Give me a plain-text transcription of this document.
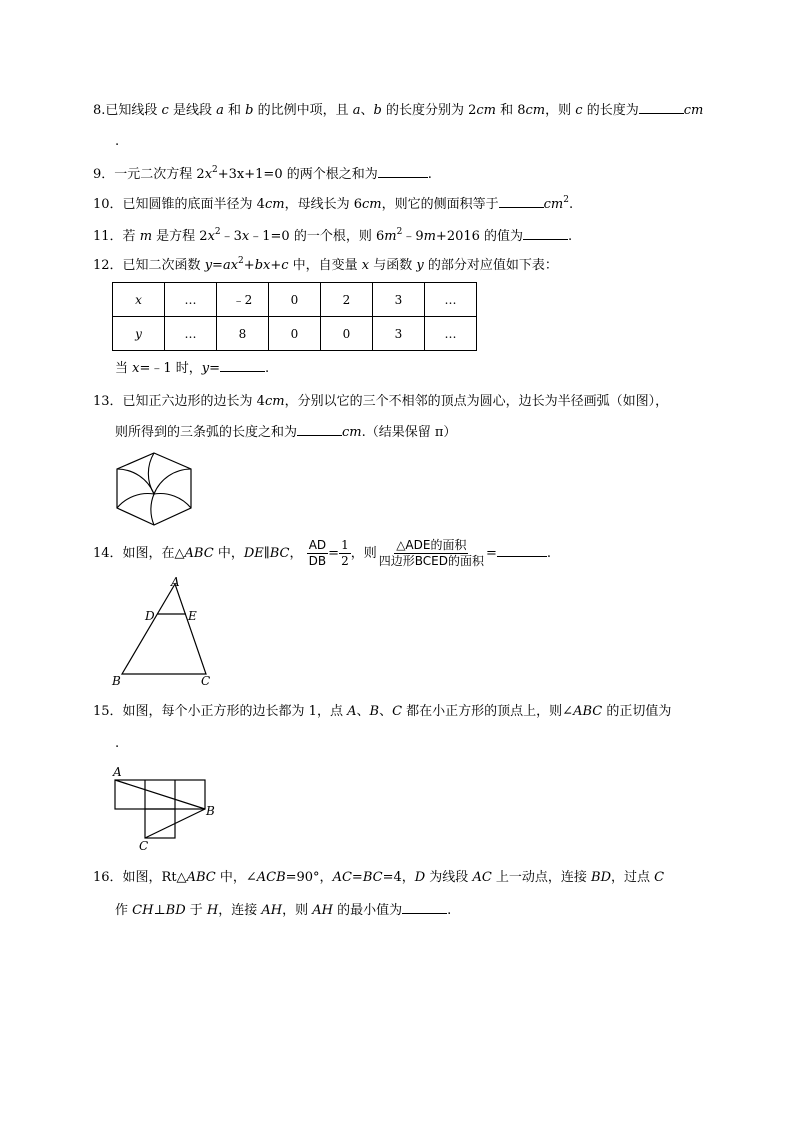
8.已知线段 c 是线段 a 和 b 的比例中项，且 a、b 的长度分别为 2cm 和 8cm，则 c 的长度为	cm
.
9．一元二次方程 $2x^2+3x+1=0$ 的两个根之和为	.
10．已知圆锥的底面半径为 4cm，母线长为 6cm，则它的侧面积等于	$cm^2$.
11．若 m 是方程 $2x^2﹣3x﹣1=0$ 的一个根，则 $6m^2﹣9m+2016$ 的值为	.
12．已知二次函数 $y=ax^2+bx+c$ 中，自变量 x 与函数 y 的部分对应值如下表：
x	…	﹣2	0	2	3	…
y	…	8	0	0	3	…
当 x=﹣1 时，y=	.
13．已知正六边形的边长为 4cm，分别以它的三个不相邻的顶点为圆心，边长为半径画弧（如图），
则所得到的三条弧的长度之和为	cm.（结果保留 π）
14．如图，在△ABC 中，DE∥BC， $\frac{AD}{DB} = \frac{1}{2}$ ，则 $\frac{\text{△ADE的面积}}{\text{四边形BCED的面积}}$ =	.
A
D	E
B	C
15．如图，每个小正方形的边长都为 1，点 A、B、C 都在小正方形的顶点上，则∠ABC 的正切值为
.
A
B
C
16．如图，Rt△ABC 中，∠ACB=90°，AC=BC=4，D 为线段 AC 上一动点，连接 BD，过点 C
作 CH⊥BD 于 H，连接 AH，则 AH 的最小值为	.
